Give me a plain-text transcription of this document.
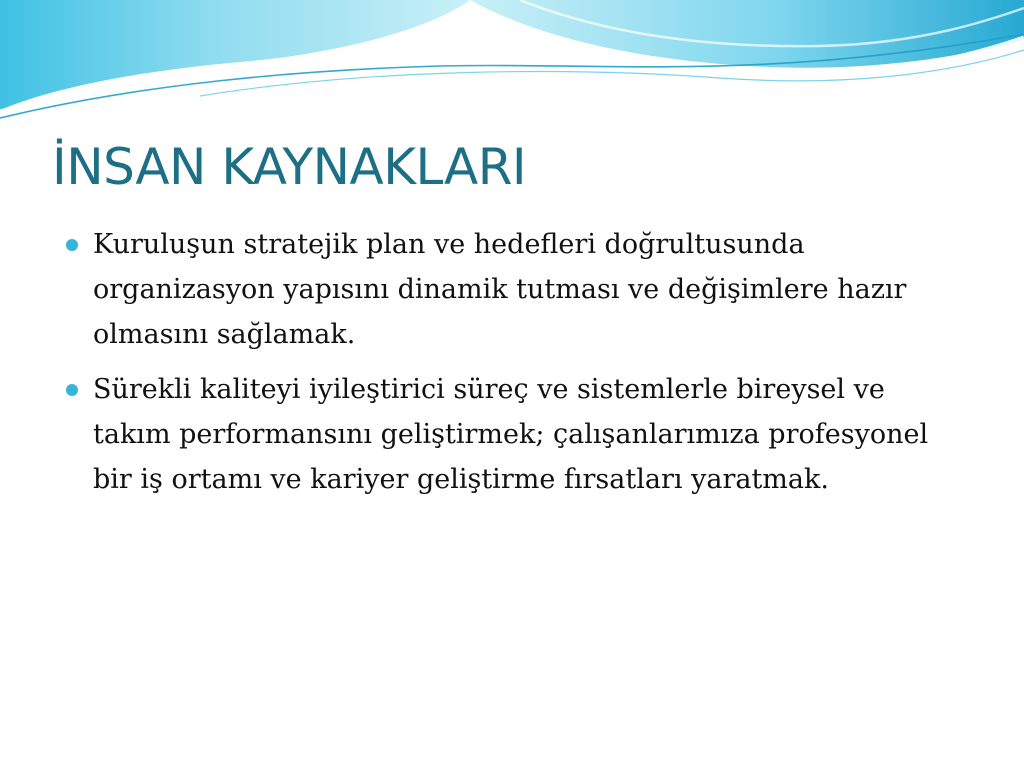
İNSAN KAYNAKLARI
Kuruluşun stratejik plan ve hedefleri doğrultusunda organizasyon yapısını dinamik tutması ve değişimlere hazır olmasını sağlamak.
Sürekli kaliteyi iyileştirici süreç ve sistemlerle bireysel ve takım performansını geliştirmek; çalışanlarımıza profesyonel bir iş ortamı ve kariyer geliştirme fırsatları yaratmak.
